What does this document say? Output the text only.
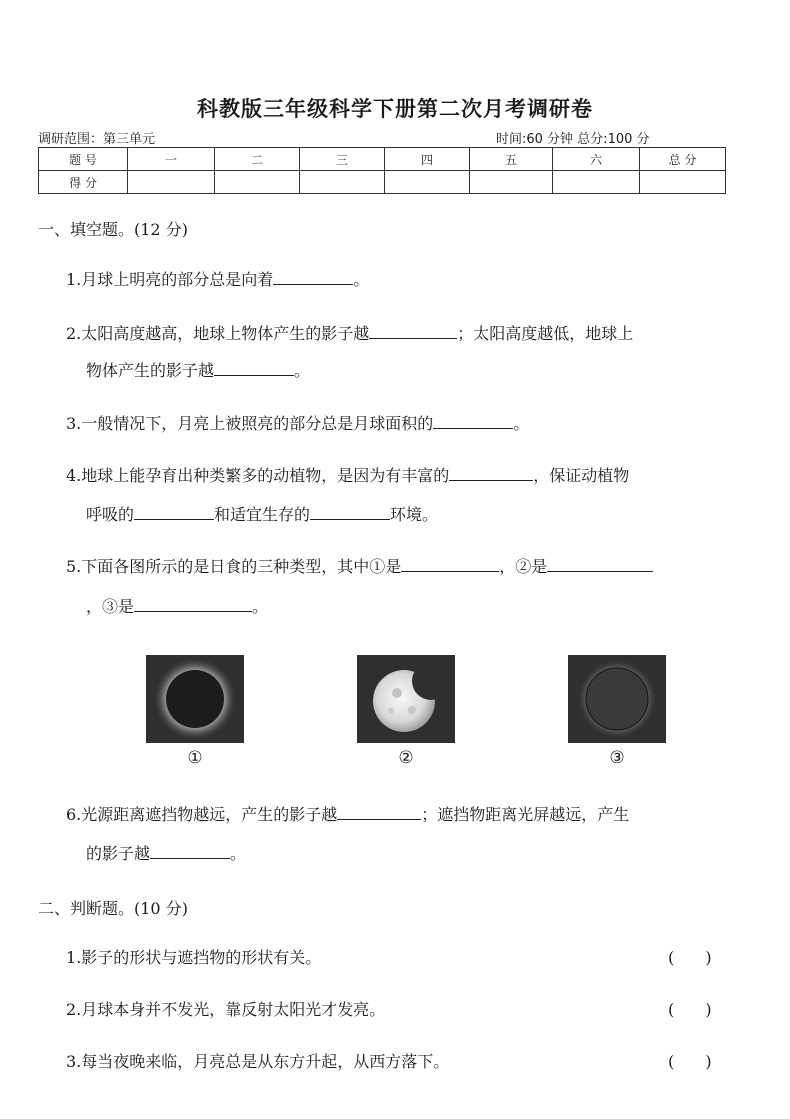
科教版三年级科学下册第二次月考调研卷
调研范围：第三单元	时间:60 分钟 总分:100 分
题 号	一	二	三	四	五	六	总 分
得 分							
一、填空题。(12 分)
1.月球上明亮的部分总是向着	。
2.太阳高度越高，地球上物体产生的影子越	；太阳高度越低，地球上
物体产生的影子越	。
3.一般情况下，月亮上被照亮的部分总是月球面积的	。
4.地球上能孕育出种类繁多的动植物，是因为有丰富的	，保证动植物
呼吸的	和适宜生存的	环境。
5.下面各图所示的是日食的三种类型，其中①是	，②是
，③是	。
①	②	③
6.光源距离遮挡物越远，产生的影子越	；遮挡物距离光屏越远，产生
的影子越	。
二、判断题。(10 分)
1.影子的形状与遮挡物的形状有关。	( )
2.月球本身并不发光，靠反射太阳光才发亮。	( )
3.每当夜晚来临，月亮总是从东方升起，从西方落下。	( )
